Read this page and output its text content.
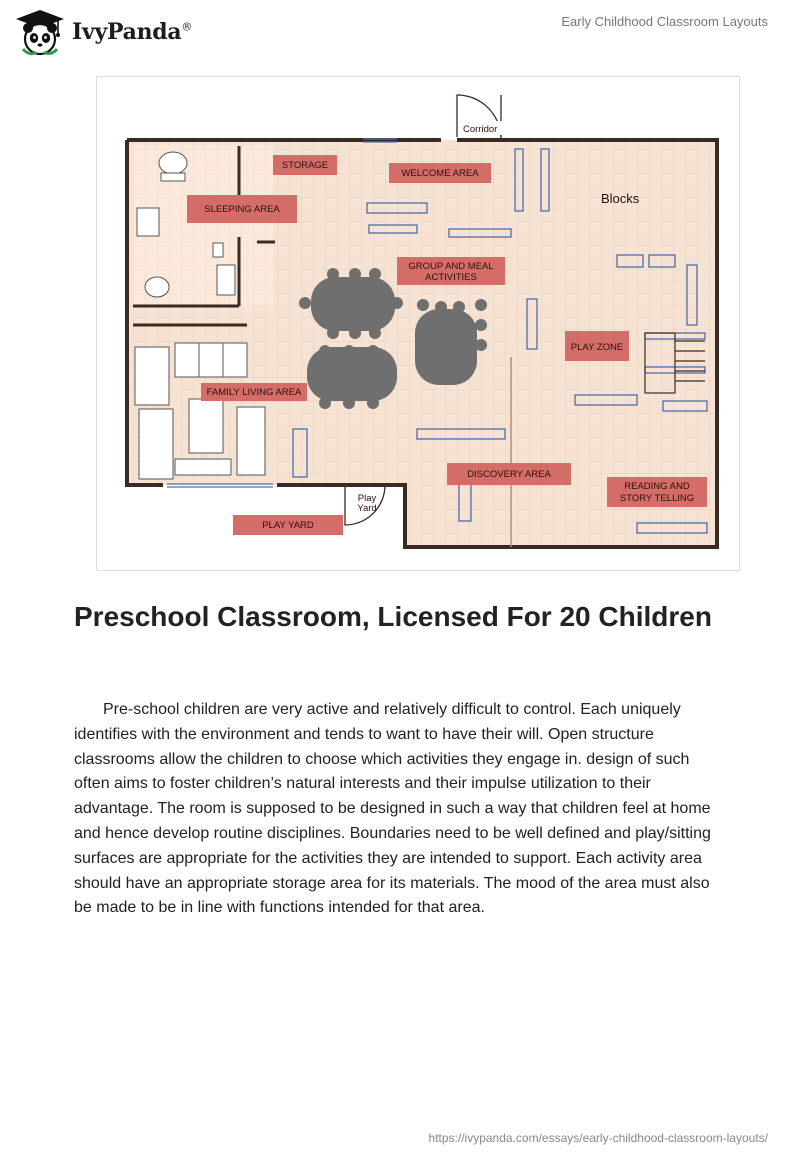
IvyPanda®	Early Childhood Classroom Layouts
Corridor
STORAGE
WELCOME AREA
SLEEPING AREA
Blocks
GROUP AND MEAL
ACTIVITIES
PLAY ZONE
FAMILY LIVING AREA
DISCOVERY AREA
READING AND
STORY TELLING
Play
Yard
PLAY YARD
Preschool Classroom, Licensed For 20 Children

Pre-school children are very active and relatively difficult to control. Each uniquely identifies with the environment and tends to want to have their will. Open structure classrooms allow the children to choose which activities they engage in. design of such often aims to foster children’s natural interests and their impulse utilization to their advantage. The room is supposed to be designed in such a way that children feel at home and hence develop routine disciplines. Boundaries need to be well defined and play/sitting surfaces are appropriate for the activities they are intended to support. Each activity area should have an appropriate storage area for its materials. The mood of the area must also be made to be in line with functions intended for that area.

https://ivypanda.com/essays/early-childhood-classroom-layouts/
